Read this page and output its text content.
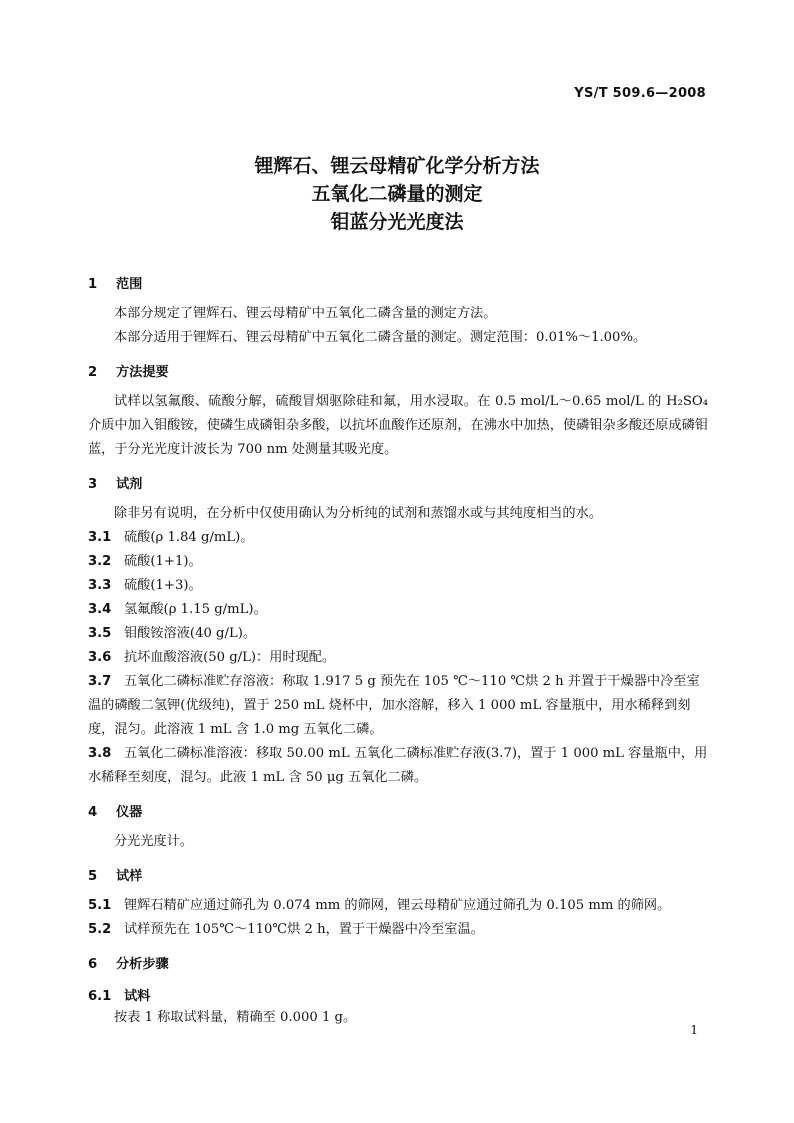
YS/T 509.6—2008
锂辉石、锂云母精矿化学分析方法
五氧化二磷量的测定
钼蓝分光光度法
1 范围

本部分规定了锂辉石、锂云母精矿中五氧化二磷含量的测定方法。

本部分适用于锂辉石、锂云母精矿中五氧化二磷含量的测定。测定范围：0.01%～1.00%。

2 方法提要

试样以氢氟酸、硫酸分解，硫酸冒烟驱除硅和氟，用水浸取。在 0.5 mol/L～0.65 mol/L 的 H₂SO₄ 介质中加入钼酸铵，使磷生成磷钼杂多酸，以抗坏血酸作还原剂，在沸水中加热，使磷钼杂多酸还原成磷钼蓝，于分光光度计波长为 700 nm 处测量其吸光度。

3 试剂

除非另有说明，在分析中仅使用确认为分析纯的试剂和蒸馏水或与其纯度相当的水。

3.1 硫酸(ρ 1.84 g/mL)。

3.2 硫酸(1+1)。

3.3 硫酸(1+3)。

3.4 氢氟酸(ρ 1.15 g/mL)。

3.5 钼酸铵溶液(40 g/L)。

3.6 抗坏血酸溶液(50 g/L)：用时现配。

3.7 五氧化二磷标准贮存溶液：称取 1.917 5 g 预先在 105 ℃～110 ℃烘 2 h 并置于干燥器中冷至室温的磷酸二氢钾(优级纯)，置于 250 mL 烧杯中，加水溶解，移入 1 000 mL 容量瓶中，用水稀释到刻度，混匀。此溶液 1 mL 含 1.0 mg 五氧化二磷。

3.8 五氧化二磷标准溶液：移取 50.00 mL 五氧化二磷标准贮存液(3.7)，置于 1 000 mL 容量瓶中，用水稀释至刻度，混匀。此液 1 mL 含 50 μg 五氧化二磷。

4 仪器

分光光度计。

5 试样

5.1 锂辉石精矿应通过筛孔为 0.074 mm 的筛网，锂云母精矿应通过筛孔为 0.105 mm 的筛网。

5.2 试样预先在 105℃～110℃烘 2 h，置于干燥器中冷至室温。

6 分析步骤
6.1 试料

按表 1 称取试料量，精确至 0.000 1 g。

1
